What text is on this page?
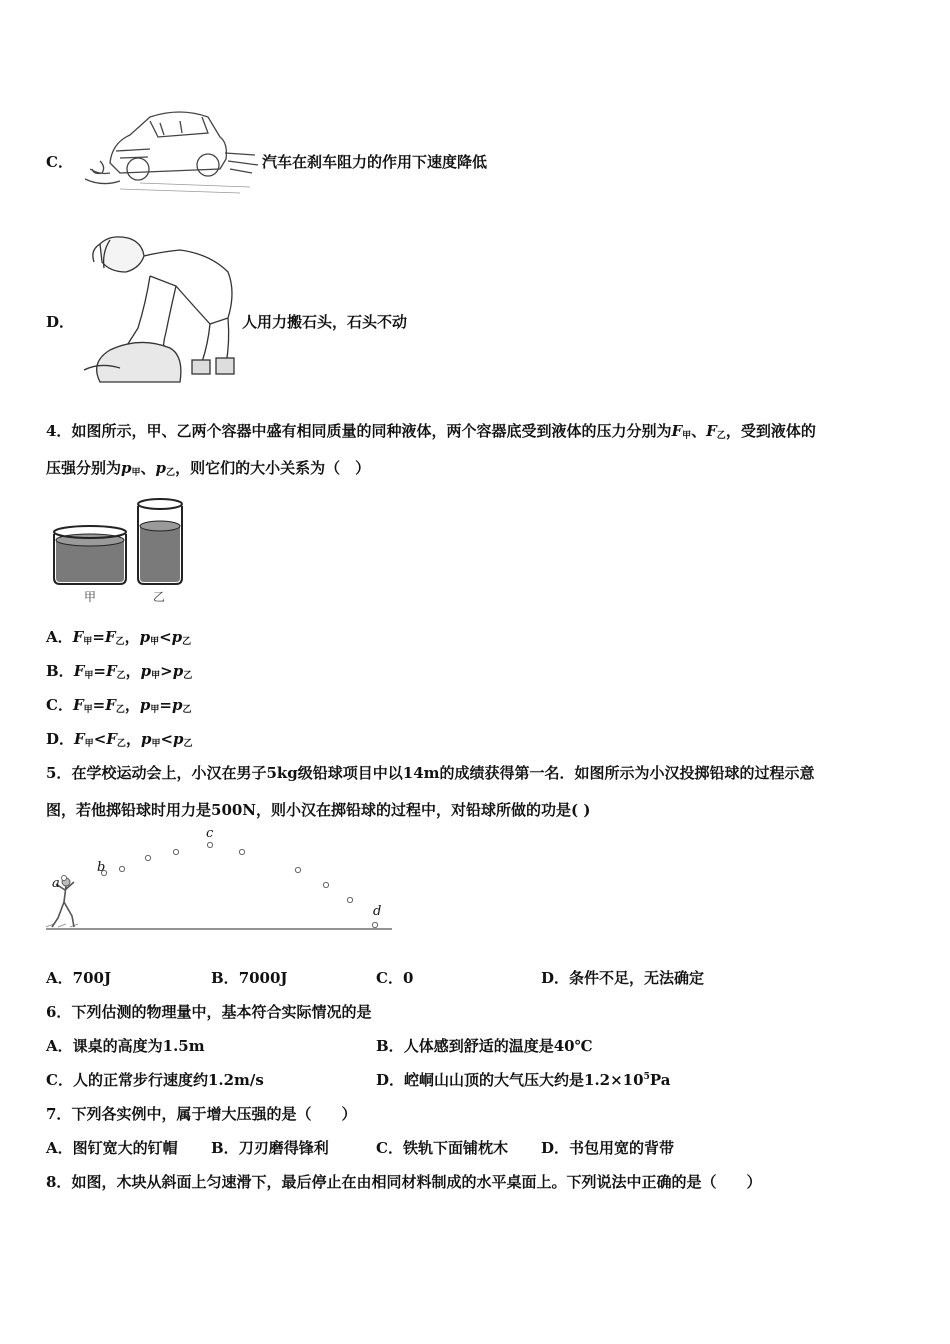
C．	汽车在刹车阻力的作用下速度降低
D．	人用力搬石头，石头不动
4．如图所示，甲、乙两个容器中盛有相同质量的同种液体，两个容器底受到液体的压力分别为$F_甲$、$F_乙$，受到液体的
压强分别为$p_甲$、$p_乙$，则它们的大小关系为（　）
甲	乙
A．$F_甲=F_乙$，$p_甲<p_乙$
B．$F_甲=F_乙$，$p_甲>p_乙$
C．$F_甲=F_乙$，$p_甲=p_乙$
D．$F_甲<F_乙$，$p_甲<p_乙$
5．在学校运动会上，小汉在男子5kg级铅球项目中以14m的成绩获得第一名．如图所示为小汉投掷铅球的过程示意
图，若他掷铅球时用力是500N，则小汉在掷铅球的过程中，对铅球所做的功是( )
a
b
c
d
A．700J	B．7000J	C．0	D．条件不足，无法确定
6．下列估测的物理量中，基本符合实际情况的是
A．课桌的高度为1.5m	B．人体感到舒适的温度是40℃
C．人的正常步行速度约1.2m/s	D．崆峒山山顶的大气压大约是$1.2\times 10^5Pa$
7．下列各实例中，属于增大压强的是（　　）
A．图钉宽大的钉帽 B．刀刃磨得锋利	C．铁轨下面铺枕木 D．书包用宽的背带
8．如图，木块从斜面上匀速滑下，最后停止在由相同材料制成的水平桌面上。下列说法中正确的是（　　）
